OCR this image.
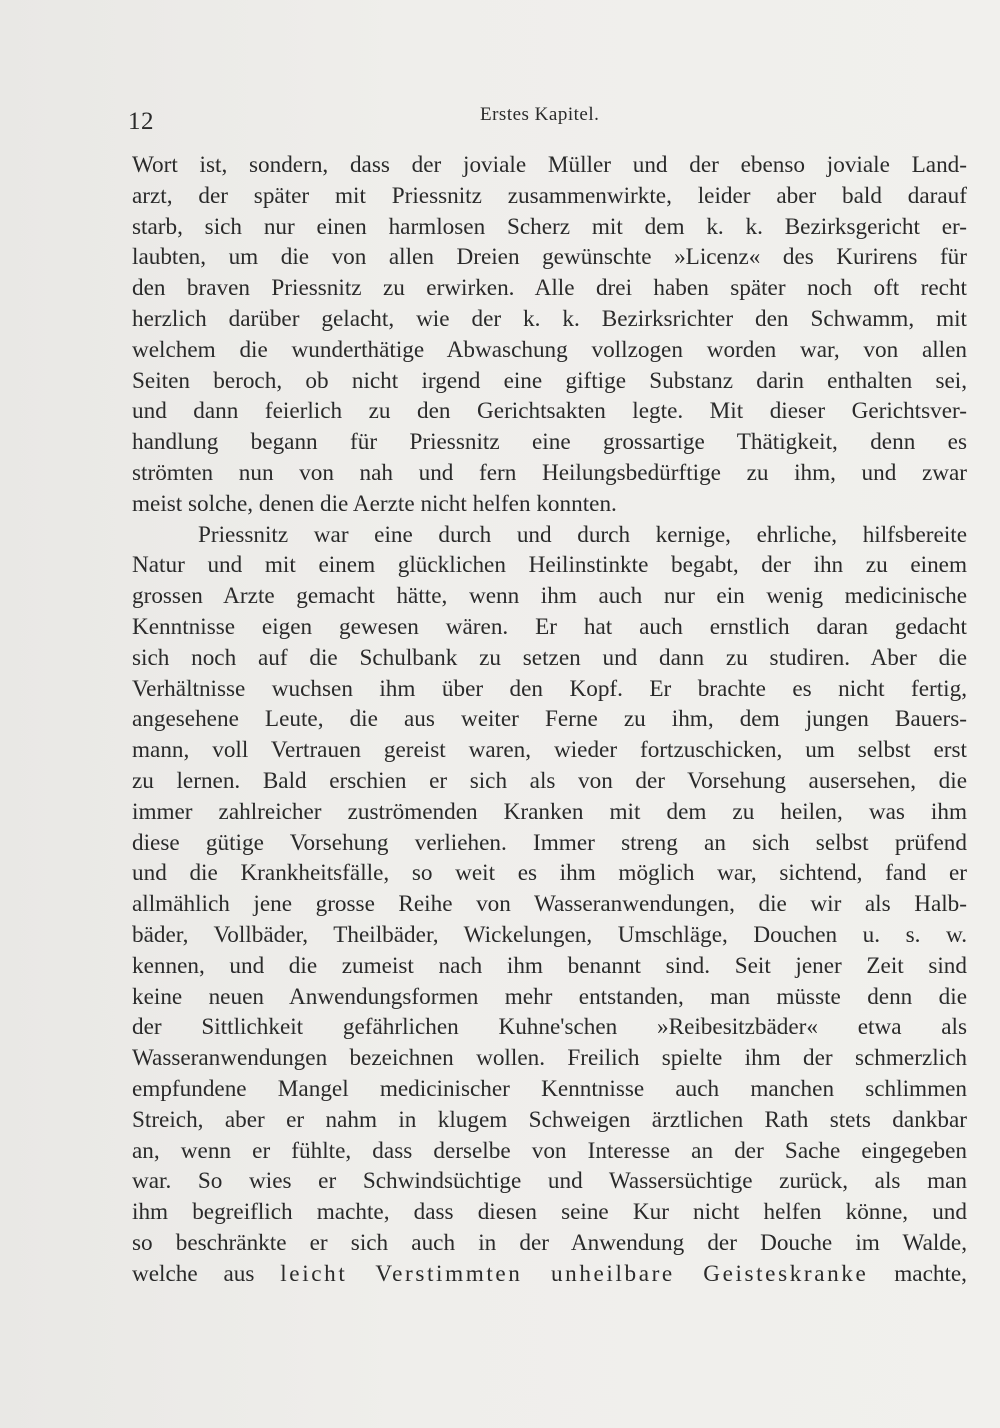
12	Erstes Kapitel.
Wort ist, sondern, dass der joviale Müller und der ebenso joviale Land-
arzt, der später mit Priessnitz zusammenwirkte, leider aber bald darauf
starb, sich nur einen harmlosen Scherz mit dem k. k. Bezirksgericht er-
laubten, um die von allen Dreien gewünschte »Licenz« des Kurirens für
den braven Priessnitz zu erwirken. Alle drei haben später noch oft recht
herzlich darüber gelacht, wie der k. k. Bezirksrichter den Schwamm, mit
welchem die wunderthätige Abwaschung vollzogen worden war, von allen
Seiten beroch, ob nicht irgend eine giftige Substanz darin enthalten sei,
und dann feierlich zu den Gerichtsakten legte. Mit dieser Gerichtsver-
handlung begann für Priessnitz eine grossartige Thätigkeit, denn es
strömten nun von nah und fern Heilungsbedürftige zu ihm, und zwar
meist solche, denen die Aerzte nicht helfen konnten.
Priessnitz war eine durch und durch kernige, ehrliche, hilfsbereite
Natur und mit einem glücklichen Heilinstinkte begabt, der ihn zu einem
grossen Arzte gemacht hätte, wenn ihm auch nur ein wenig medicinische
Kenntnisse eigen gewesen wären. Er hat auch ernstlich daran gedacht
sich noch auf die Schulbank zu setzen und dann zu studiren. Aber die
Verhältnisse wuchsen ihm über den Kopf. Er brachte es nicht fertig,
angesehene Leute, die aus weiter Ferne zu ihm, dem jungen Bauers-
mann, voll Vertrauen gereist waren, wieder fortzuschicken, um selbst erst
zu lernen. Bald erschien er sich als von der Vorsehung ausersehen, die
immer zahlreicher zuströmenden Kranken mit dem zu heilen, was ihm
diese gütige Vorsehung verliehen. Immer streng an sich selbst prüfend
und die Krankheitsfälle, so weit es ihm möglich war, sichtend, fand er
allmählich jene grosse Reihe von Wasseranwendungen, die wir als Halb-
bäder, Vollbäder, Theilbäder, Wickelungen, Umschläge, Douchen u. s. w.
kennen, und die zumeist nach ihm benannt sind. Seit jener Zeit sind
keine neuen Anwendungsformen mehr entstanden, man müsste denn die
der Sittlichkeit gefährlichen Kuhne'schen »Reibesitzbäder« etwa als
Wasseranwendungen bezeichnen wollen. Freilich spielte ihm der schmerzlich
empfundene Mangel medicinischer Kenntnisse auch manchen schlimmen
Streich, aber er nahm in klugem Schweigen ärztlichen Rath stets dankbar
an, wenn er fühlte, dass derselbe von Interesse an der Sache eingegeben
war. So wies er Schwindsüchtige und Wassersüchtige zurück, als man
ihm begreiflich machte, dass diesen seine Kur nicht helfen könne, und
so beschränkte er sich auch in der Anwendung der Douche im Walde,
welche aus leicht Verstimmten unheilbare Geisteskranke machte,
